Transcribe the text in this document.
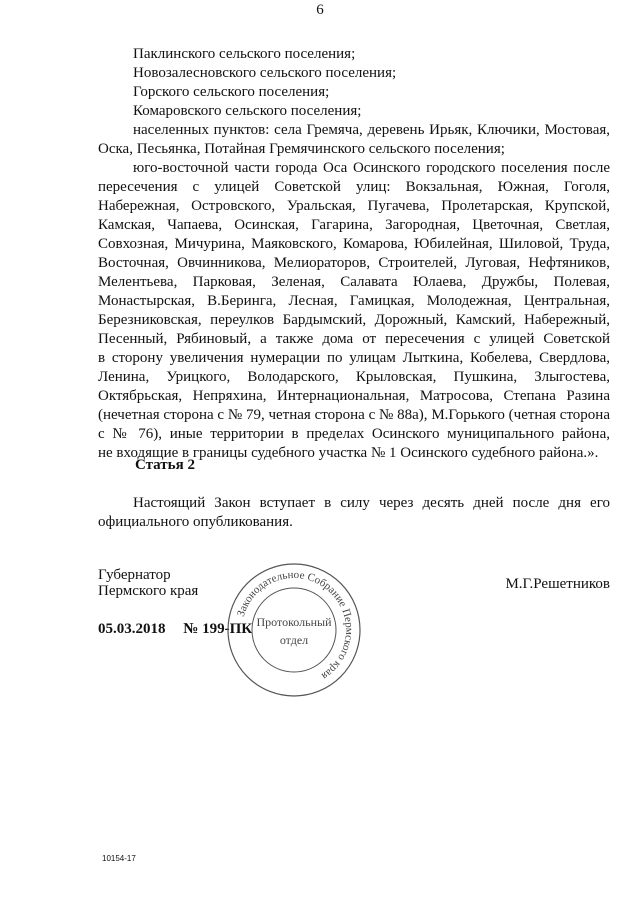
6
Паклинского сельского поселения;
Новозалесновского сельского поселения;
Горского сельского поселения;
Комаровского сельского поселения;
населенных пунктов: села Гремяча, деревень Ирьяк, Ключики, Мостовая,
Оска, Песьянка, Потайная Гремячинского сельского поселения;
юго-восточной части города Оса Осинского городского поселения после
пересечения с улицей Советской улиц: Вокзальная, Южная, Гоголя,
Набережная, Островского, Уральская, Пугачева, Пролетарская, Крупской,
Камская, Чапаева, Осинская, Гагарина, Загородная, Цветочная, Светлая,
Совхозная, Мичурина, Маяковского, Комарова, Юбилейная, Шиловой, Труда,
Восточная, Овчинникова, Мелиораторов, Строителей, Луговая, Нефтяников,
Мелентьева, Парковая, Зеленая, Салавата Юлаева, Дружбы, Полевая,
Монастырская, В.Беринга, Лесная, Гамицкая, Молодежная, Центральная,
Березниковская, переулков Бардымский, Дорожный, Камский, Набережный,
Песенный, Рябиновый, а также дома от пересечения с улицей Советской
в сторону увеличения нумерации по улицам Лыткина, Кобелева, Свердлова,
Ленина, Урицкого, Володарского, Крыловская, Пушкина, Злыгостева,
Октябрьская, Непряхина, Интернациональная, Матросова, Степана Разина
(нечетная сторона с № 79, четная сторона с № 88а), М.Горького (четная сторона
с № 76), иные территории в пределах Осинского муниципального района,
не входящие в границы судебного участка № 1 Осинского судебного района.».
Статья 2
Настоящий Закон вступает в силу через десять дней после дня его
официального опубликования.
Губернатор
Пермского края	М.Г.Решетников
05.03.2018 № 199-ПК
Законодательное Собрание Пермского края
Протокольный
отдел
10154-17
